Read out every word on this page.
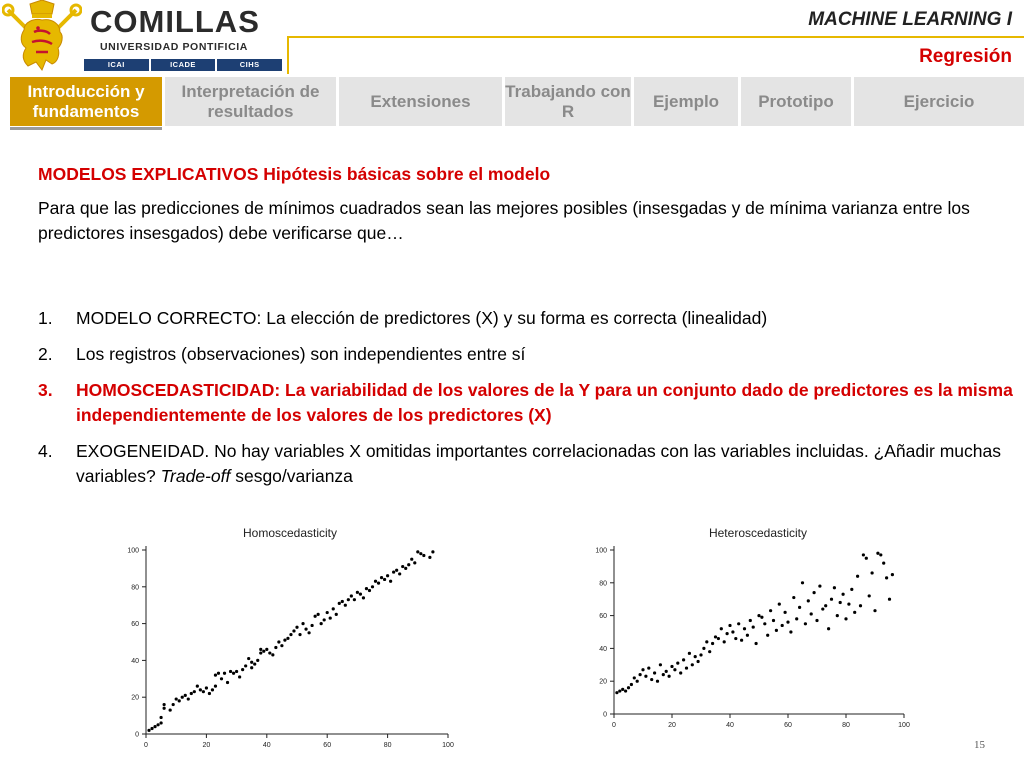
COMILLAS
UNIVERSIDAD PONTIFICIA
ICAI	ICADE	CIHS
MACHINE LEARNING I
Regresión
Introducción y fundamentos
Interpretación de resultados
Extensiones
Trabajando con R
Ejemplo Prototipo	Ejercicio
MODELOS EXPLICATIVOS Hipótesis básicas sobre el modelo
Para que las predicciones de mínimos cuadrados sean las mejores posibles (insesgadas y de mínima varianza entre los predictores insesgados) debe verificarse que…
1. MODELO CORRECTO: La elección de predictores (X) y su forma es correcta (linealidad)
2. Los registros (observaciones) son independientes entre sí
3. HOMOSCEDASTICIDAD: La variabilidad de los valores de la Y para un conjunto dado de predictores es la misma independientemente de los valores de los predictores (X)
4. EXOGENEIDAD. No hay variables X omitidas importantes correlacionadas con las variables incluidas. ¿Añadir muchas variables? Trade-off sesgo/varianza
Homoscedasticity
0	20	40	60	80	100
0
20
40
60
80
100
Heteroscedasticity
0	20	40	60	80	100
0
20
40
60
80
100
15
